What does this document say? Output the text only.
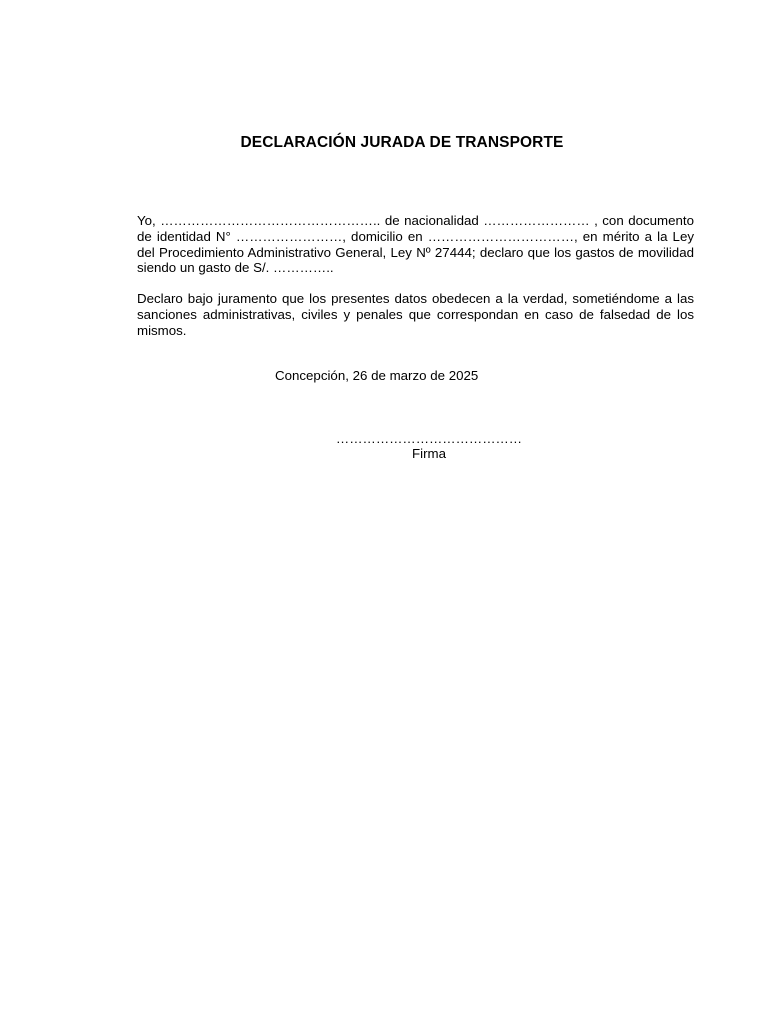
DECLARACIÓN JURADA DE TRANSPORTE

Yo, ………………………………………….. de nacionalidad …………………… , con documento de identidad N° ……………………, domicilio en ……………………………, en mérito a la Ley del Procedimiento Administrativo General, Ley Nº 27444; declaro que los gastos de movilidad siendo un gasto de S/. …………..

Declaro bajo juramento que los presentes datos obedecen a la verdad, sometiéndome a las sanciones administrativas, civiles y penales que correspondan en caso de falsedad de los mismos.

Concepción, 26 de marzo de 2025
……………………………………
Firma
